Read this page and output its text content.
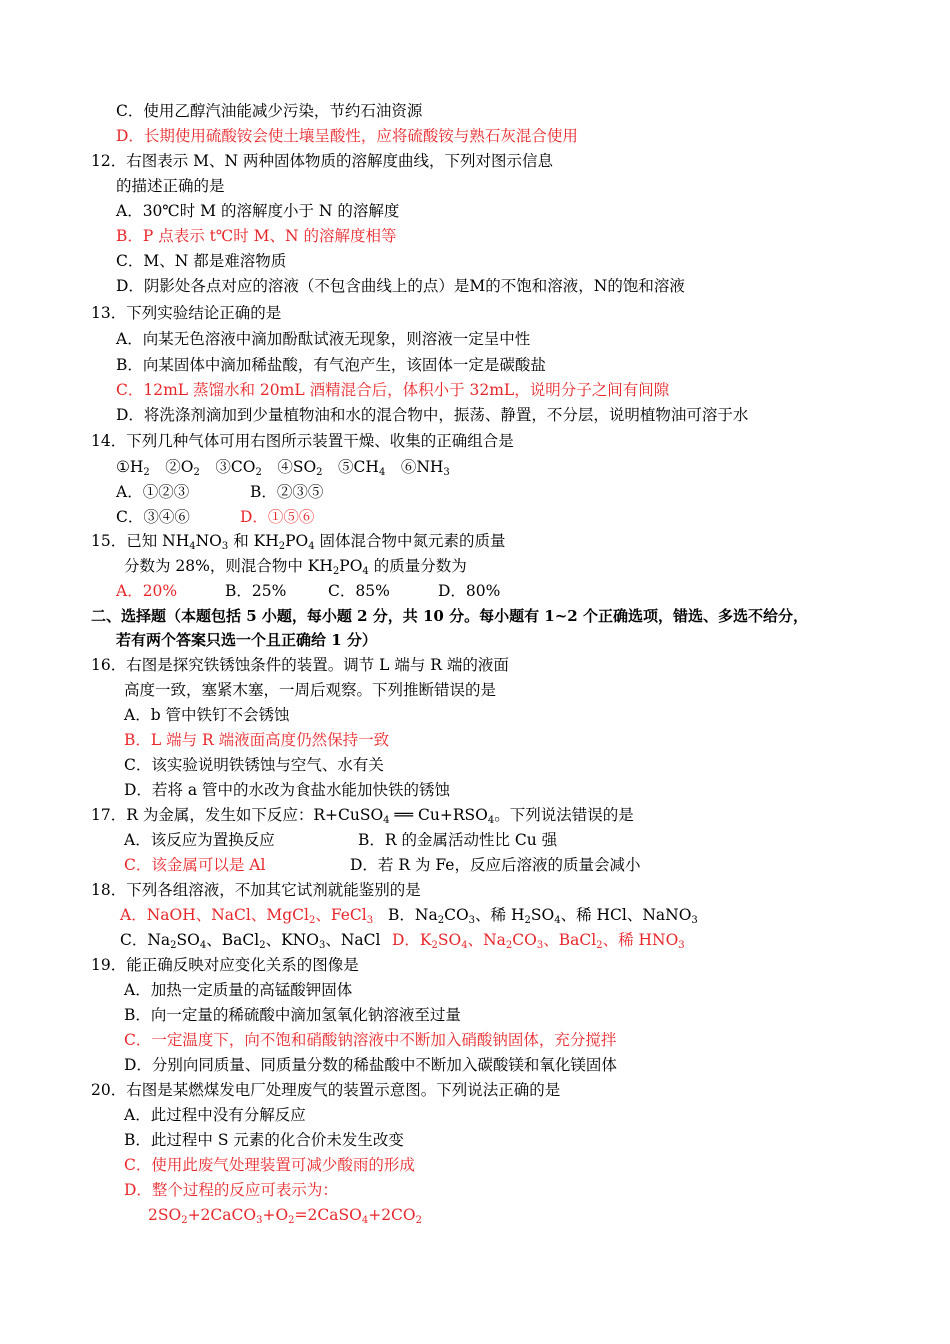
C．使用乙醇汽油能减少污染，节约石油资源
D．长期使用硫酸铵会使土壤呈酸性，应将硫酸铵与熟石灰混合使用
12．右图表示 M、N 两种固体物质的溶解度曲线，下列对图示信息
的描述正确的是
A．30℃时 M 的溶解度小于 N 的溶解度
B．P 点表示 t℃时 M、N 的溶解度相等
C．M、N 都是难溶物质
D．阴影处各点对应的溶液（不包含曲线上的点）是M的不饱和溶液，N的饱和溶液
13．下列实验结论正确的是
A．向某无色溶液中滴加酚酞试液无现象，则溶液一定呈中性
B．向某固体中滴加稀盐酸，有气泡产生，该固体一定是碳酸盐
C．12mL 蒸馏水和 20mL 酒精混合后，体积小于 32mL，说明分子之间有间隙
D．将洗涤剂滴加到少量植物油和水的混合物中，振荡、静置，不分层，说明植物油可溶于水
14．下列几种气体可用右图所示装置干燥、收集的正确组合是
$①H_2$　$②O_2$　$③CO_2$　$④SO_2$　$⑤CH_4$　$⑥NH_3$
A．①②③	B．②③⑤
C．③④⑥	D．①⑤⑥
15．已知 $NH_4NO_3$ 和 $KH_2PO_4$ 固体混合物中氮元素的质量
分数为 28%，则混合物中 $KH_2PO_4$ 的质量分数为
A．20%	B．25%	C．85%	D．80%
二、选择题（本题包括 5 小题，每小题 2 分，共 10 分。每小题有 1~2 个正确选项，错选、多选不给分，
若有两个答案只选一个且正确给 1 分）
16．右图是探究铁锈蚀条件的装置。调节 L 端与 R 端的液面
高度一致，塞紧木塞，一周后观察。下列推断错误的是
A．b 管中铁钉不会锈蚀
B．L 端与 R 端液面高度仍然保持一致
C．该实验说明铁锈蚀与空气、水有关
D．若将 a 管中的水改为食盐水能加快铁的锈蚀
17．R 为金属，发生如下反应：R+CuSO$_4$ ══ $Cu+RSO_4$。下列说法错误的是
A．该反应为置换反应	B．R 的金属活动性比 Cu 强
C．该金属可以是 Al	D．若 R 为 Fe，反应后溶液的质量会减小
18．下列各组溶液，不加其它试剂就能鉴别的是
A．NaOH、NaCl、MgCl$_2$、FeCl$_3$ B．$Na_2CO_3$、稀 $H_2SO_4$、稀 HCl、NaNO$_3$
C．$Na_2SO_4$、BaCl$_2$、$KNO_3$、NaCl D．$K_2SO_4$、$Na_2CO_3$、BaCl$_2$、稀 $HNO_3$
19．能正确反映对应变化关系的图像是
A．加热一定质量的高锰酸钾固体
B．向一定量的稀硫酸中滴加氢氧化钠溶液至过量
C．一定温度下，向不饱和硝酸钠溶液中不断加入硝酸钠固体，充分搅拌
D．分别向同质量、同质量分数的稀盐酸中不断加入碳酸镁和氧化镁固体
20．右图是某燃煤发电厂处理废气的装置示意图。下列说法正确的是
A．此过程中没有分解反应
B．此过程中 S 元素的化合价未发生改变
C．使用此废气处理装置可减少酸雨的形成
D．整个过程的反应可表示为：
$2SO_2+2CaCO_3+O_2=2CaSO_4+2CO_2$
